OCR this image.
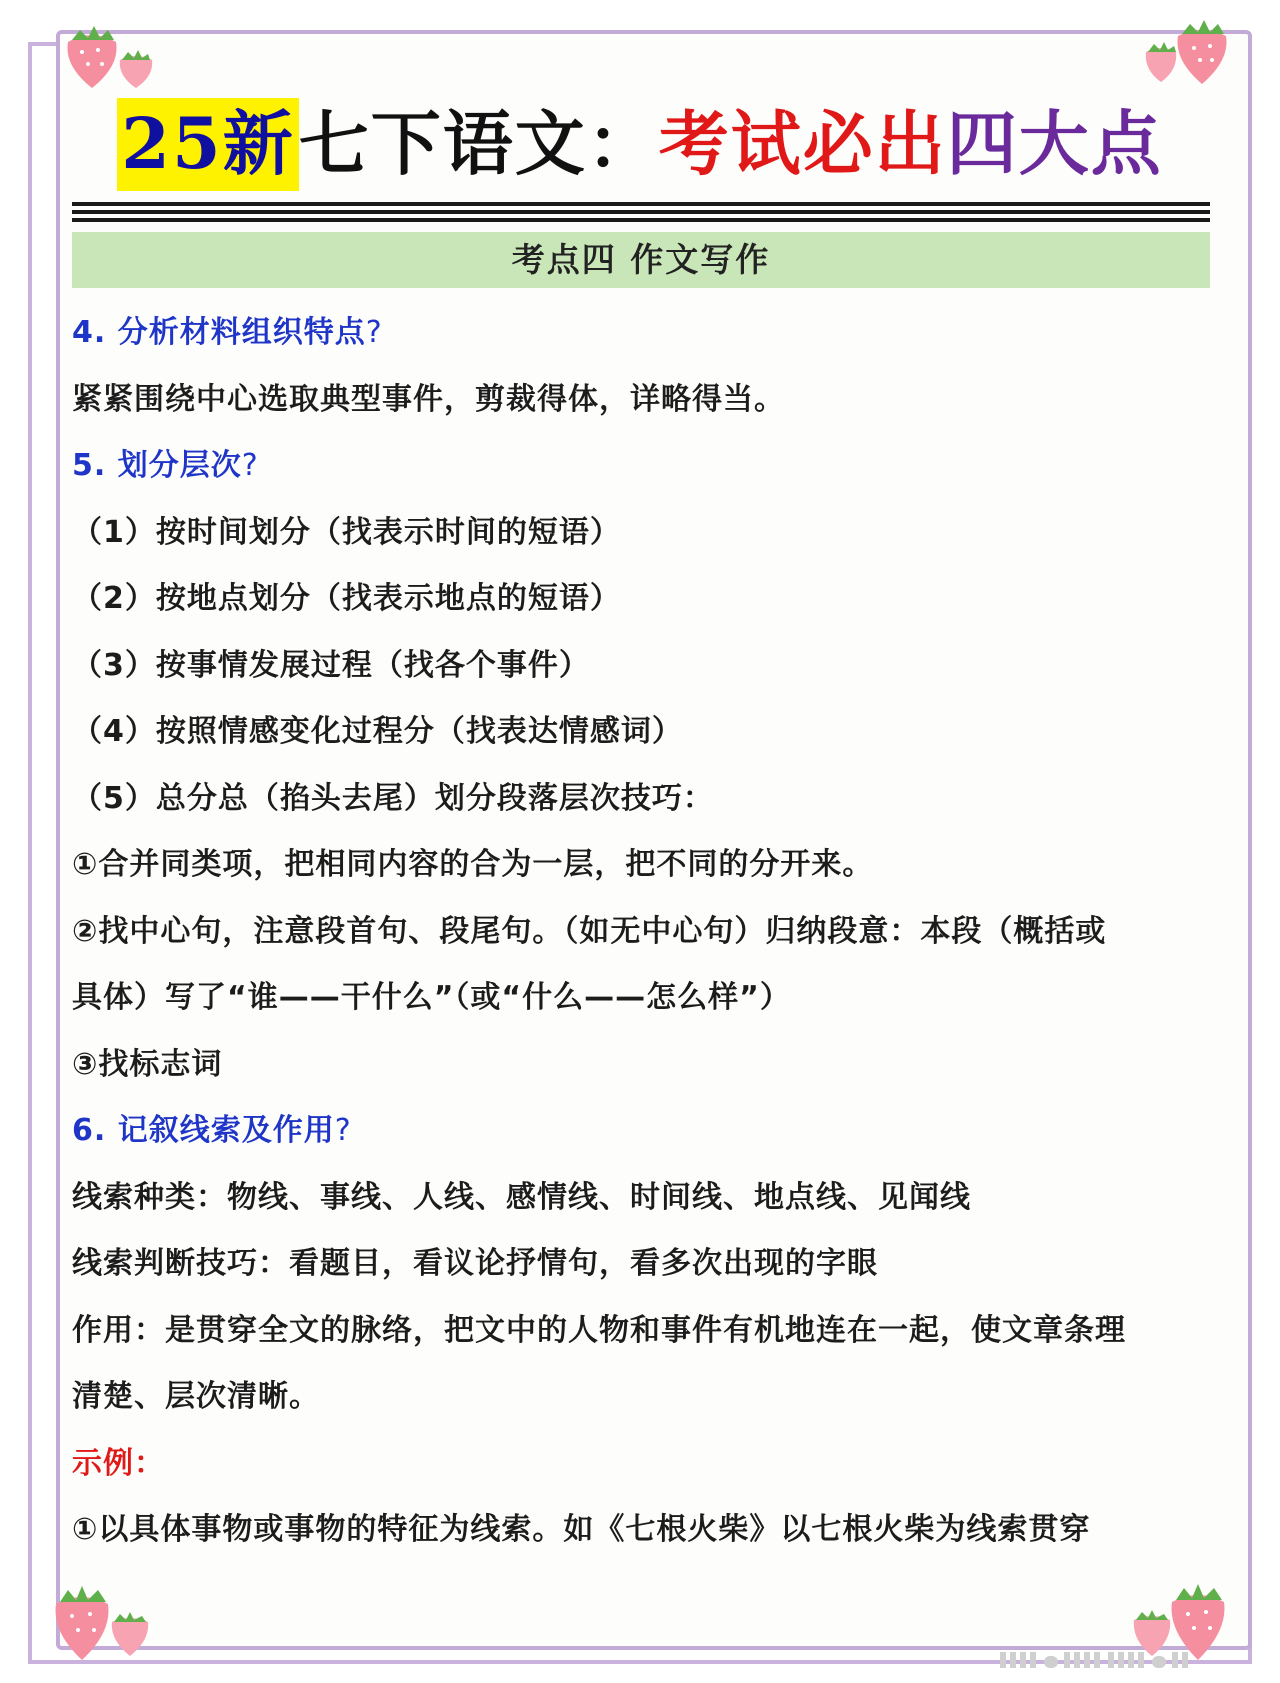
25新七下语文：考试必出四大点
考点四 作文写作
4. 分析材料组织特点?
紧紧围绕中心选取典型事件，剪裁得体，详略得当。
5. 划分层次?
（1）按时间划分（找表示时间的短语）
（2）按地点划分（找表示地点的短语）
（3）按事情发展过程（找各个事件）
（4）按照情感变化过程分（找表达情感词）
（5）总分总（掐头去尾）划分段落层次技巧：
①合并同类项，把相同内容的合为一层，把不同的分开来。
②找中心句，注意段首句、段尾句。（如无中心句）归纳段意：本段（概括或
具体）写了“谁——干什么”（或“什么——怎么样”）
③找标志词
6. 记叙线索及作用?
线索种类：物线、事线、人线、感情线、时间线、地点线、见闻线
线索判断技巧：看题目，看议论抒情句，看多次出现的字眼
作用：是贯穿全文的脉络，把文中的人物和事件有机地连在一起，使文章条理
清楚、层次清晰。
示例：
①以具体事物或事物的特征为线索。如《七根火柴》以七根火柴为线索贯穿
